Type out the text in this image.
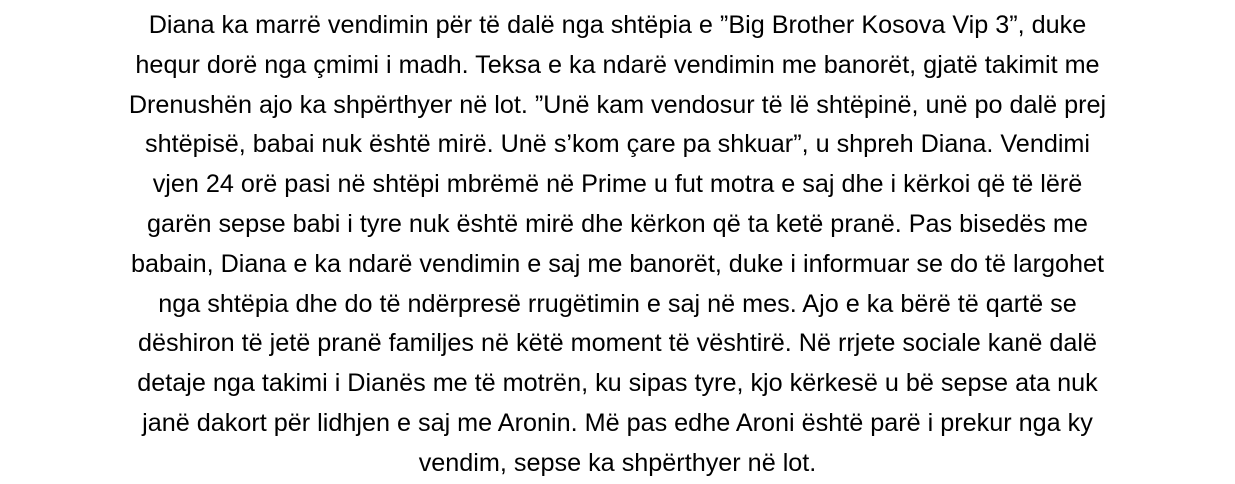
Diana ka marrë vendimin për të dalë nga shtëpia e ”Big Brother Kosova Vip 3”, duke
hequr dorë nga çmimi i madh. Teksa e ka ndarë vendimin me banorët, gjatë takimit me
Drenushën ajo ka shpërthyer në lot. ”Unë kam vendosur të lë shtëpinë, unë po dalë prej
shtëpisë, babai nuk është mirë. Unë s’kom çare pa shkuar”, u shpreh Diana. Vendimi
vjen 24 orë pasi në shtëpi mbrëmë në Prime u fut motra e saj dhe i kërkoi që të lërë
garën sepse babi i tyre nuk është mirë dhe kërkon që ta ketë pranë. Pas bisedës me
babain, Diana e ka ndarë vendimin e saj me banorët, duke i informuar se do të largohet
nga shtëpia dhe do të ndërpresë rrugëtimin e saj në mes. Ajo e ka bërë të qartë se
dëshiron të jetë pranë familjes në këtë moment të vështirë. Në rrjete sociale kanë dalë
detaje nga takimi i Dianës me të motrën, ku sipas tyre, kjo kërkesë u bë sepse ata nuk
janë dakort për lidhjen e saj me Aronin. Më pas edhe Aroni është parë i prekur nga ky
vendim, sepse ka shpërthyer në lot.
